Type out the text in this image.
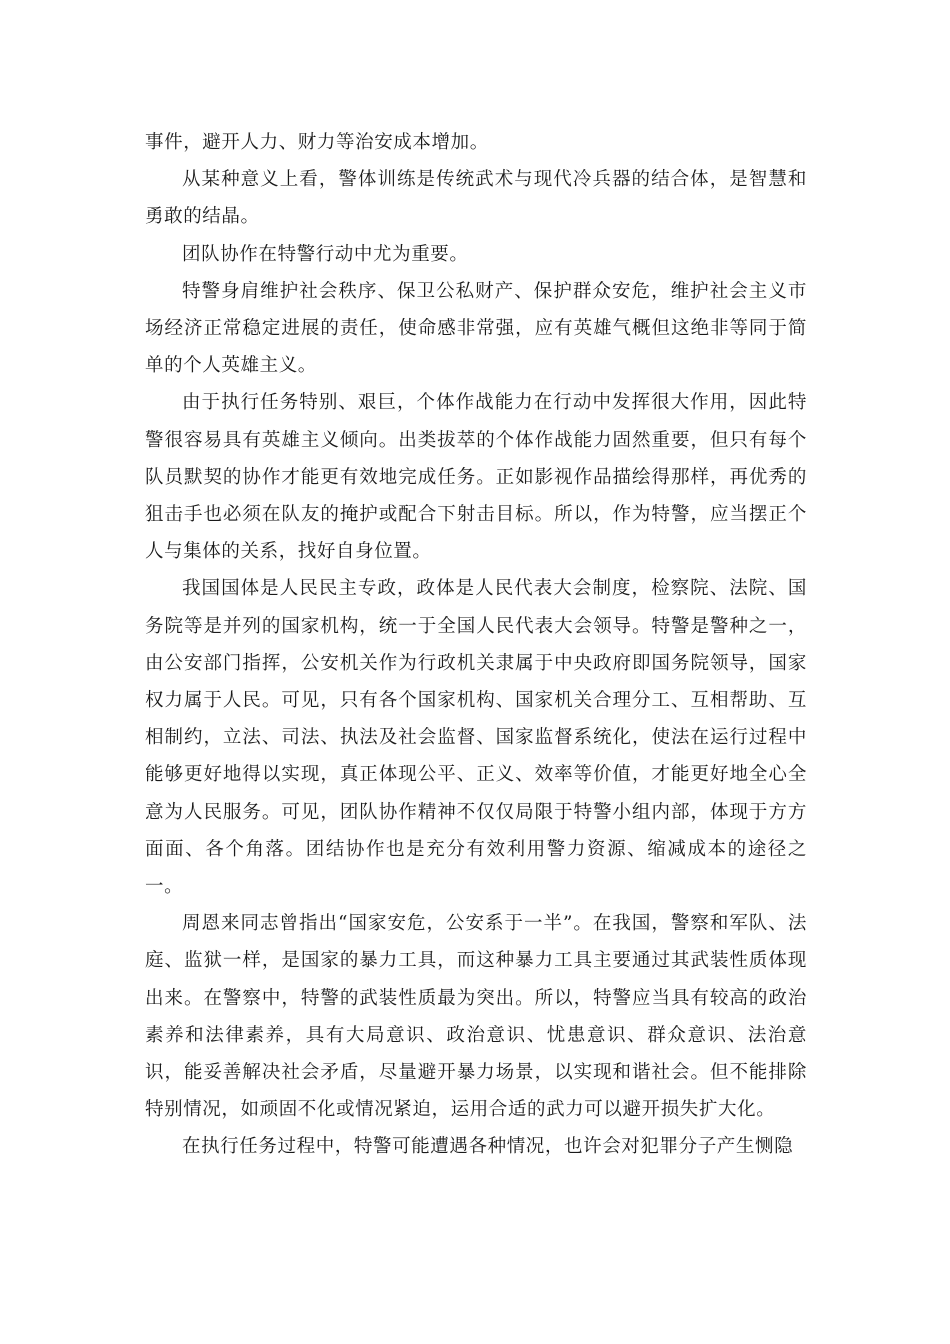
事件，避开人力、财力等治安成本增加。

从某种意义上看，警体训练是传统武术与现代冷兵器的结合体，是智慧和勇敢的结晶。

团队协作在特警行动中尤为重要。

特警身肩维护社会秩序、保卫公私财产、保护群众安危，维护社会主义市场经济正常稳定进展的责任，使命感非常强，应有英雄气概但这绝非等同于简单的个人英雄主义。

由于执行任务特别、艰巨，个体作战能力在行动中发挥很大作用，因此特警很容易具有英雄主义倾向。出类拔萃的个体作战能力固然重要，但只有每个队员默契的协作才能更有效地完成任务。正如影视作品描绘得那样，再优秀的狙击手也必须在队友的掩护或配合下射击目标。所以，作为特警，应当摆正个人与集体的关系，找好自身位置。

我国国体是人民民主专政，政体是人民代表大会制度，检察院、法院、国务院等是并列的国家机构，统一于全国人民代表大会领导。特警是警种之一，由公安部门指挥，公安机关作为行政机关隶属于中央政府即国务院领导，国家权力属于人民。可见，只有各个国家机构、国家机关合理分工、互相帮助、互相制约，立法、司法、执法及社会监督、国家监督系统化，使法在运行过程中能够更好地得以实现，真正体现公平、正义、效率等价值，才能更好地全心全意为人民服务。可见，团队协作精神不仅仅局限于特警小组内部，体现于方方面面、各个角落。团结协作也是充分有效利用警力资源、缩减成本的途径之一。

周恩来同志曾指出“国家安危，公安系于一半”。在我国，警察和军队、法庭、监狱一样，是国家的暴力工具，而这种暴力工具主要通过其武装性质体现出来。在警察中，特警的武装性质最为突出。所以，特警应当具有较高的政治素养和法律素养，具有大局意识、政治意识、忧患意识、群众意识、法治意识，能妥善解决社会矛盾，尽量避开暴力场景，以实现和谐社会。但不能排除特别情况，如顽固不化或情况紧迫，运用合适的武力可以避开损失扩大化。

在执行任务过程中，特警可能遭遇各种情况，也许会对犯罪分子产生恻隐
